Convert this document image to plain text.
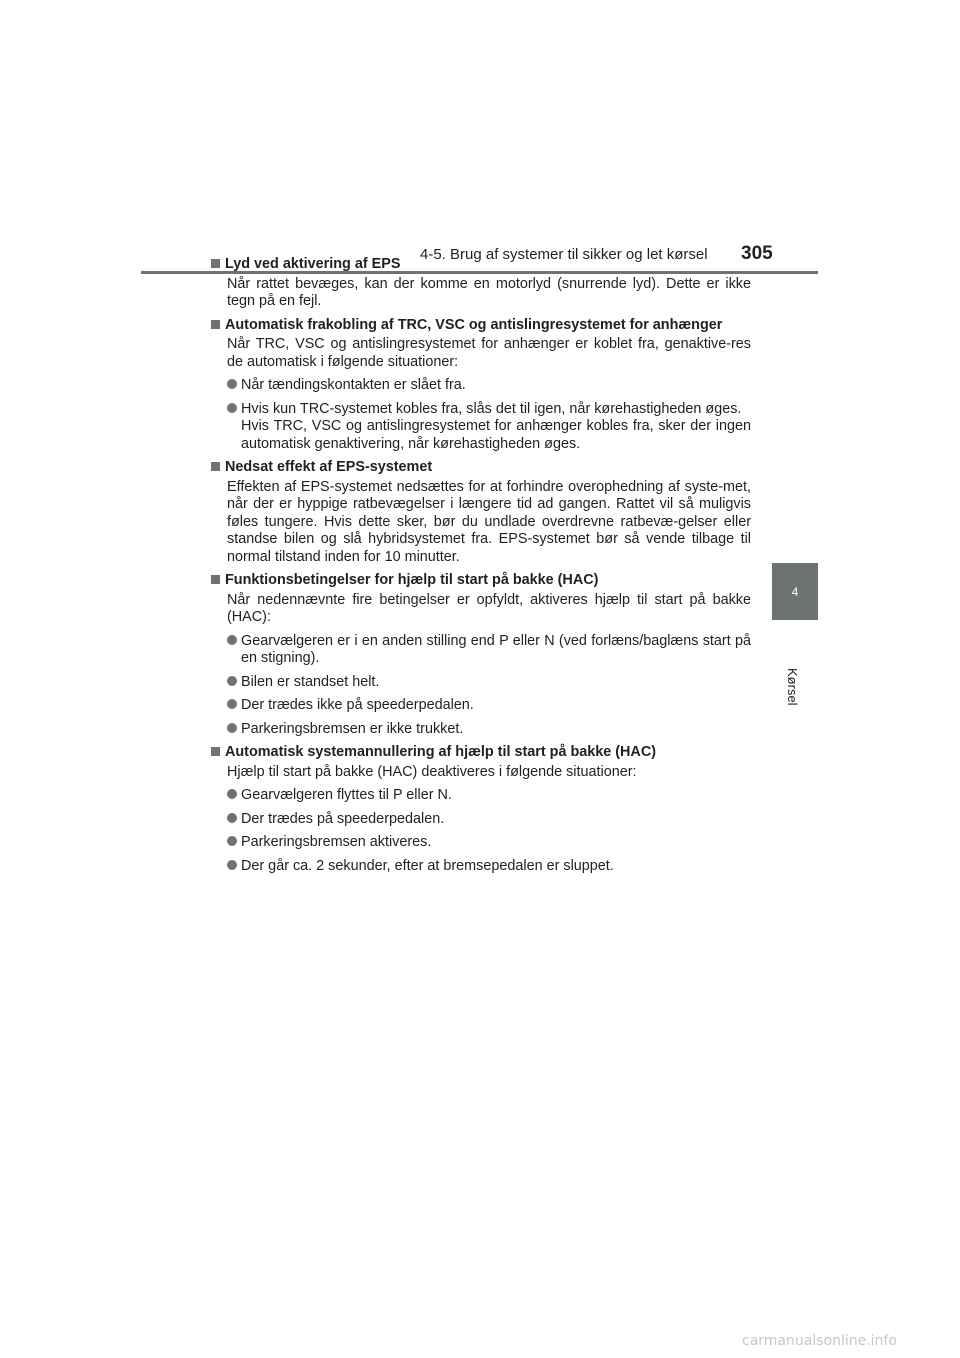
4-5. Brug af systemer til sikker og let kørsel 305
4
Kørsel
Lyd ved aktivering af EPS
Når rattet bevæges, kan der komme en motorlyd (snurrende lyd). Dette er ikke tegn på en fejl.
Automatisk frakobling af TRC, VSC og antislingresystemet for anhænger
Når TRC, VSC og antislingresystemet for anhænger er koblet fra, genaktive-res de automatisk i følgende situationer:
Når tændingskontakten er slået fra.
Hvis kun TRC-systemet kobles fra, slås det til igen, når kørehastigheden øges.
Hvis TRC, VSC og antislingresystemet for anhænger kobles fra, sker der ingen automatisk genaktivering, når kørehastigheden øges.
Nedsat effekt af EPS-systemet
Effekten af EPS-systemet nedsættes for at forhindre overophedning af syste-met, når der er hyppige ratbevægelser i længere tid ad gangen. Rattet vil så muligvis føles tungere. Hvis dette sker, bør du undlade overdrevne ratbevæ-gelser eller standse bilen og slå hybridsystemet fra. EPS-systemet bør så vende tilbage til normal tilstand inden for 10 minutter.
Funktionsbetingelser for hjælp til start på bakke (HAC)
Når nedennævnte fire betingelser er opfyldt, aktiveres hjælp til start på bakke (HAC):
Gearvælgeren er i en anden stilling end P eller N (ved forlæns/baglæns start på en stigning).
Bilen er standset helt.
Der trædes ikke på speederpedalen.
Parkeringsbremsen er ikke trukket.
Automatisk systemannullering af hjælp til start på bakke (HAC)
Hjælp til start på bakke (HAC) deaktiveres i følgende situationer:
Gearvælgeren flyttes til P eller N.
Der trædes på speederpedalen.
Parkeringsbremsen aktiveres.
Der går ca. 2 sekunder, efter at bremsepedalen er sluppet.
carmanualsonline.info
